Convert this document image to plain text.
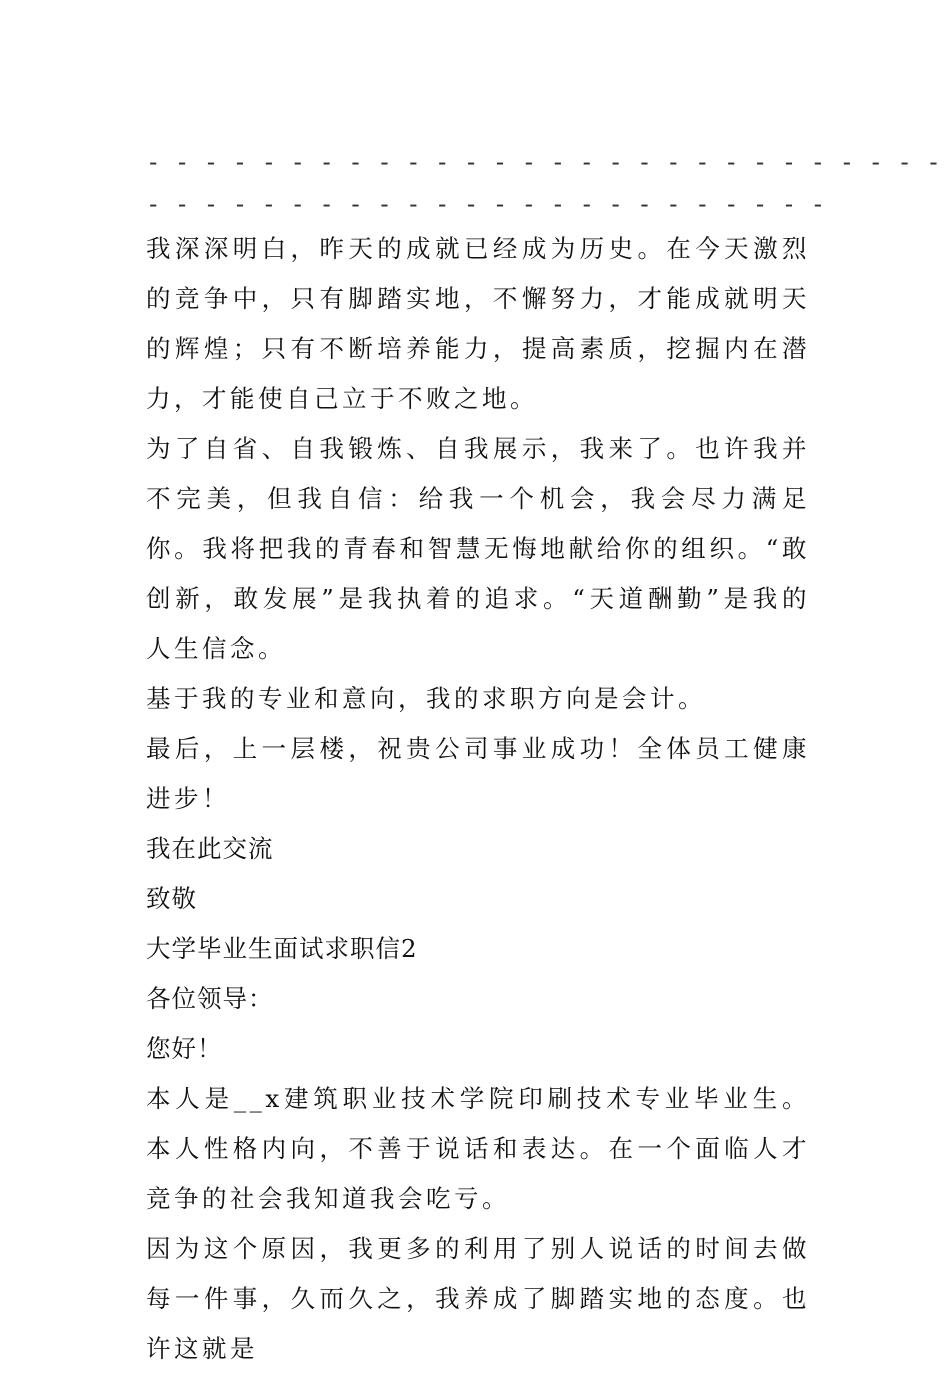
- - - - - - - - - - - - - - - - - - - - - - - - - - - -
- - - - - - - - - - - - - - - - - - - - - - - -

我深深明白，昨天的成就已经成为历史。在今天激烈的竞争中，只有脚踏实地，不懈努力，才能成就明天的辉煌；只有不断培养能力，提高素质，挖掘内在潜力，才能使自己立于不败之地。

为了自省、自我锻炼、自我展示，我来了。也许我并不完美，但我自信：给我一个机会，我会尽力满足你。我将把我的青春和智慧无悔地献给你的组织。“敢创新，敢发展”是我执着的追求。“天道酬勤”是我的人生信念。

基于我的专业和意向，我的求职方向是会计。

最后，上一层楼，祝贵公司事业成功！全体员工健康进步！

我在此交流

致敬

大学毕业生面试求职信2

各位领导：

您好！

本人是__x建筑职业技术学院印刷技术专业毕业生。本人性格内向，不善于说话和表达。在一个面临人才竞争的社会我知道我会吃亏。

因为这个原因，我更多的利用了别人说话的时间去做每一件事，久而久之，我养成了脚踏实地的态度。也许这就是
